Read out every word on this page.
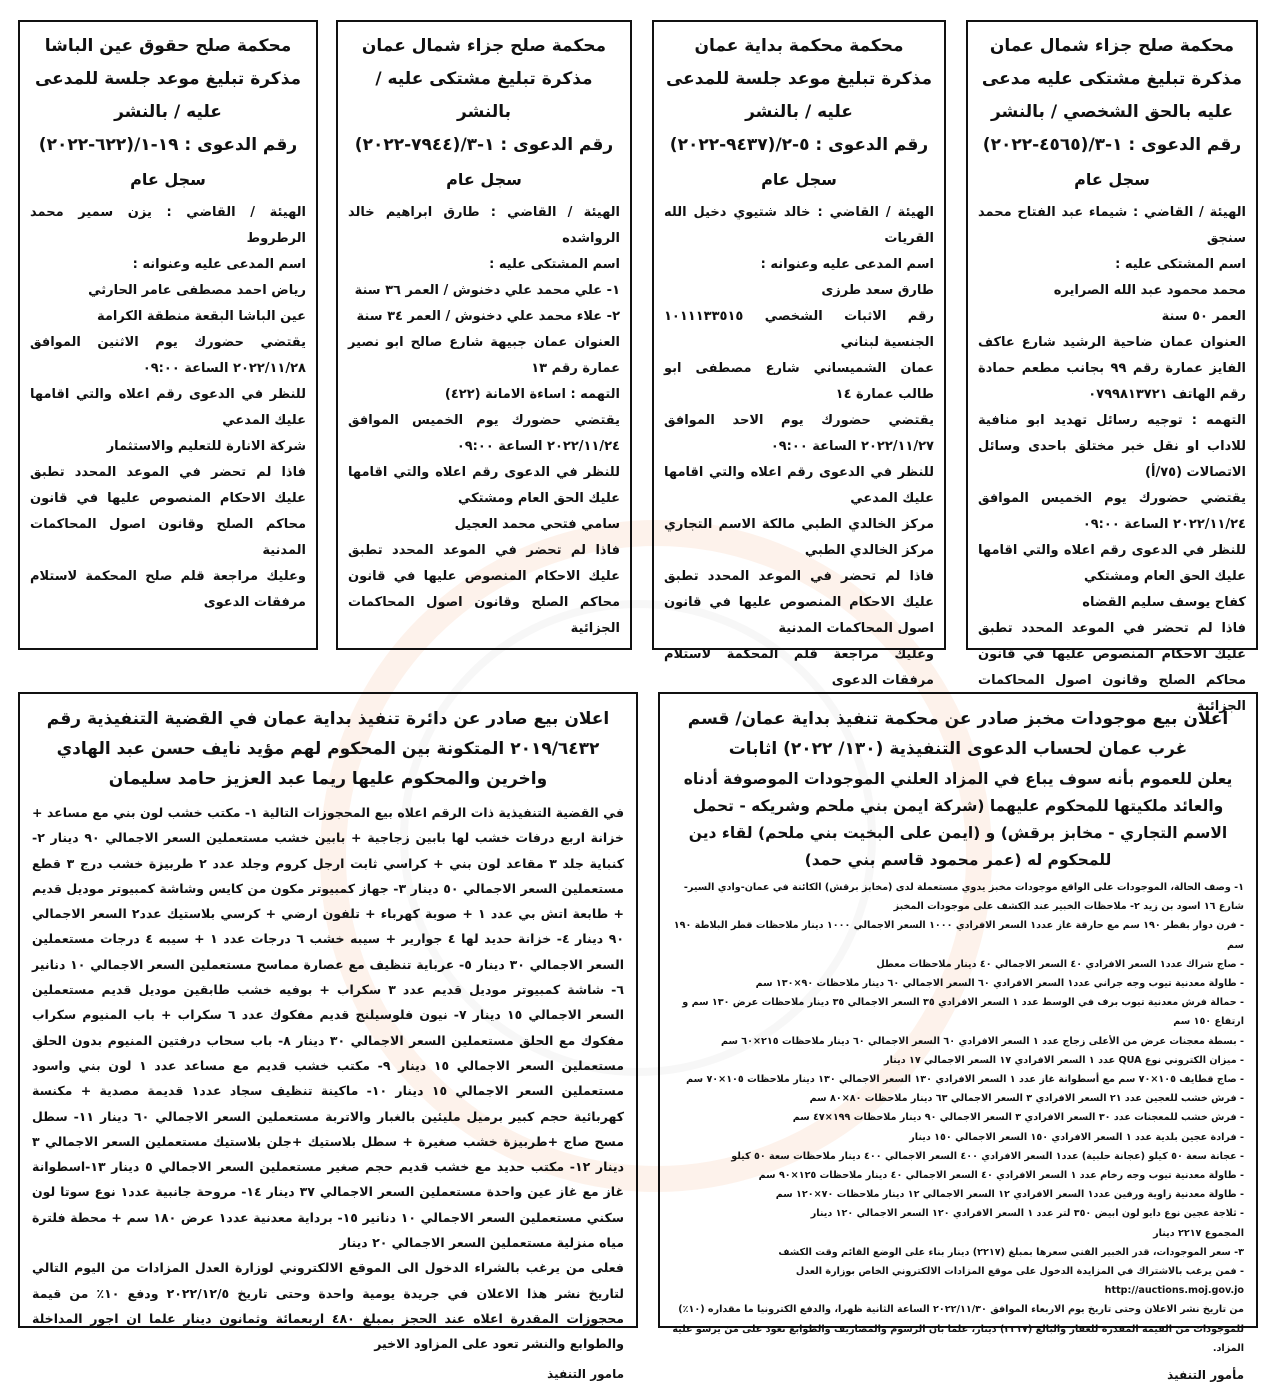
محكمة صلح جزاء شمال عمان
مذكرة تبليغ مشتكى عليه مدعى عليه بالحق الشخصي / بالنشر
رقم الدعوى : ١-٣/(٤٥٦٥-٢٠٢٢)
سجل عام
الهيئة / القاضي : شيماء عبد الفتاح محمد سنجق
اسم المشتكى عليه :
محمد محمود عبد الله الصرايره
العمر ٥٠ سنة
العنوان عمان ضاحية الرشيد شارع عاكف الفايز عمارة رقم ٩٩ بجانب مطعم حمادة رقم الهاتف ٠٧٩٩٨١٣٧٢١
التهمه : توجيه رسائل تهديد ابو منافية للاداب او نقل خبر مختلق باحدى وسائل الاتصالات (٧٥/أ)
يقتضي حضورك يوم الخميس الموافق ٢٠٢٢/١١/٢٤ الساعة ٠٩:٠٠
للنظر في الدعوى رقم اعلاه والتي اقامها عليك الحق العام ومشتكي
كفاح يوسف سليم القضاه
فاذا لم تحضر في الموعد المحدد تطبق عليك الاحكام المنصوص عليها في قانون محاكم الصلح وقانون اصول المحاكمات الجزائية
محكمة محكمة بداية عمان
مذكرة تبليغ موعد جلسة للمدعى عليه / بالنشر
رقم الدعوى : ٥-٢/(٩٤٣٧-٢٠٢٢)
سجل عام
الهيئة / القاضي : خالد شتيوي دخيل الله القريات
اسم المدعى عليه وعنوانه :
طارق سعد طرزى
رقم الاثبات الشخصي ١٠١١١٣٣٥١٥ الجنسية لبناني
عمان الشميساني شارع مصطفى ابو طالب عمارة ١٤
يقتضي حضورك يوم الاحد الموافق ٢٠٢٢/١١/٢٧ الساعة ٠٩:٠٠
للنظر في الدعوى رقم اعلاه والتي اقامها عليك المدعي
مركز الخالدي الطبي مالكة الاسم التجاري مركز الخالدي الطبي
فاذا لم تحضر في الموعد المحدد تطبق عليك الاحكام المنصوص عليها في قانون اصول المحاكمات المدنية
وعليك مراجعة قلم المحكمة لاستلام مرفقات الدعوى
محكمة صلح جزاء شمال عمان
مذكرة تبليغ مشتكى عليه / بالنشر
رقم الدعوى : ١-٣/(٧٩٤٤-٢٠٢٢)
سجل عام
الهيئة / القاضي : طارق ابراهيم خالد الرواشده
اسم المشتكى عليه :
١- علي محمد علي دخنوش / العمر ٣٦ سنة
٢- علاء محمد علي دخنوش / العمر ٣٤ سنة
العنوان عمان جبيهة شارع صالح ابو نصير عمارة رقم ١٣
التهمه : اساءة الامانة (٤٢٢)
يقتضي حضورك يوم الخميس الموافق ٢٠٢٢/١١/٢٤ الساعة ٠٩:٠٠
للنظر في الدعوى رقم اعلاه والتي اقامها عليك الحق العام ومشتكي
سامي فتحي محمد العجيل
فاذا لم تحضر في الموعد المحدد تطبق عليك الاحكام المنصوص عليها في قانون محاكم الصلح وقانون اصول المحاكمات الجزائية
محكمة صلح حقوق عين الباشا
مذكرة تبليغ موعد جلسة للمدعى عليه / بالنشر
رقم الدعوى : ١٩-١/(٦٢٢-٢٠٢٢)
سجل عام
الهيئة / القاضي : يزن سمير محمد الرطروط
اسم المدعى عليه وعنوانه :
رياض احمد مصطفى عامر الحارثي
عين الباشا البقعة منطقة الكرامة
يقتضي حضورك يوم الاثنين الموافق ٢٠٢٢/١١/٢٨ الساعة ٠٩:٠٠
للنظر في الدعوى رقم اعلاه والتي اقامها عليك المدعي
شركة الانارة للتعليم والاستثمار
فاذا لم تحضر في الموعد المحدد تطبق عليك الاحكام المنصوص عليها في قانون محاكم الصلح وقانون اصول المحاكمات المدنية
وعليك مراجعة قلم صلح المحكمة لاستلام مرفقات الدعوى
اعلان بيع موجودات مخبز صادر عن محكمة تنفيذ بداية عمان/ قسم غرب عمان لحساب الدعوى التنفيذية (١٣٠/ ٢٠٢٢) اثابات
يعلن للعموم بأنه سوف يباع في المزاد العلني الموجودات الموصوفة أدناه والعائد ملكيتها للمحكوم عليهما (شركة ايمن بني ملحم وشريكه - تحمل الاسم التجاري - مخابز برقش) و (ايمن على البخيت بني ملحم) لقاء دين للمحكوم له (عمر محمود قاسم بني حمد)
١- وصف الحالة، الموجودات على الواقع موجودات مخبز يدوي مستعملة لدى (مخابز برقش) الكائنة في عمان-وادي السير-شارع ١٦ اسود بن زيد ٢- ملاحظات الخبير عند الكشف على موجودات المخبز
- فرن دوار بقطر ١٩٠ سم مع حارقة غاز عدد١ السعر الافرادي ١٠٠٠ السعر الاجمالي ١٠٠٠ دينار ملاحظات قطر البلاطة ١٩٠ سم
- صاج شراك عدد١ السعر الافرادي ٤٠ السعر الاجمالي ٤٠ دينار ملاحظات معطل
- طاولة معدنية تيوب وجه جراني عدد١ السعر الافرادي ٦٠ السعر الاجمالي ٦٠ دينار ملاحظات ٩٠×١٣٠ سم
- حمالة فرش معدنية تيوب برف في الوسط عدد ١ السعر الافرادي ٣٥ السعر الاجمالي ٣٥ دينار ملاحظات عرض ١٣٠ سم و ارتفاع ١٥٠ سم
- بسطة معجنات عرض من الأعلى زجاج عدد ١ السعر الافرادي ٦٠ السعر الاجمالي ٦٠ دينار ملاحظات ٢١٥×٦٠ سم
- ميزان الكتروني نوع QUA عدد ١ السعر الافرادي ١٧ السعر الاجمالي ١٧ دينار
- صاج قطايف ١٠٥×٧٠ سم مع أسطوانة غاز عدد ١ السعر الافرادي ١٣٠ السعر الاجمالي ١٣٠ دينار ملاحظات ١٠٥×٧٠ سم
- فرش خشب للعجين عدد ٢١ السعر الافرادي ٣ السعر الاجمالي ٦٣ دينار ملاحظات ٨٠×٨٠ سم
- فرش خشب للمعجنات عدد ٣٠ السعر الافرادي ٣ السعر الاجمالي ٩٠ دينار ملاحظات ١٩٩×٤٧ سم
- فرادة عجين بلدية عدد ١ السعر الافرادي ١٥٠ السعر الاجمالي ١٥٠ دينار
- عجانة سعة ٥٠ كيلو (عجانة حلبية) عدد١ السعر الافرادي ٤٠٠ السعر الاجمالي ٤٠٠ دينار ملاحظات سعة ٥٠ كيلو
- طاولة معدنية تيوب وجه رخام عدد ١ السعر الافرادي ٤٠ السعر الاجمالي ٤٠ دينار ملاحظات ١٢٥×٩٠ سم
- طاولة معدنية زاوية ورفين عدد١ السعر الافرادي ١٢ السعر الاجمالي ١٢ دينار ملاحظات ٧٠×١٢٠ سم
- ثلاجة عجين نوع دايو لون ابيض ٣٥٠ لتر عدد ١ السعر الافرادي ١٢٠ السعر الاجمالي ١٢٠ دينار
المجموع ٢٢١٧ دينار
٣- سعر الموجودات، قدر الخبير الفني سعرها بمبلغ (٢٢١٧) دينار بناء على الوضع القائم وقت الكشف
- فمن يرغب بالاشتراك في المزايدة الدخول على موقع المزادات الالكتروني الخاص بوزارة العدل http://auctions.moj.gov.jo
من تاريخ نشر الاعلان وحتى تاريخ يوم الاربعاء الموافق ٢٠٢٢/١١/٣٠ الساعة الثانية ظهرا، والدفع الكترونيا ما مقداره (١٠٪) للموجودات من القيمة المقدرة للعقار والبالغ (٢٢١٧) دينار، علما بان الرسوم والمصاريف والطوابع تعود على من يرسو عليه المزاد.
مأمور التنفيذ
اعلان بيع صادر عن دائرة تنفيذ بداية عمان في القضية التنفيذية رقم ٢٠١٩/٦٤٣٢ المتكونة بين المحكوم لهم مؤيد نايف حسن عبد الهادي واخرين والمحكوم عليها ريما عبد العزيز حامد سليمان
في القضية التنفيذية ذات الرقم اعلاه بيع المحجوزات التالية ١- مكتب خشب لون بني مع مساعد + خزانة اربع درفات خشب لها بابين زجاجية + بابين خشب مستعملين السعر الاجمالي ٩٠ دينار ٢- كنباية جلد ٣ مقاعد لون بني + كراسي ثابت ارجل كروم وجلد عدد ٢ طربيزة خشب درج ٣ قطع مستعملين السعر الاجمالي ٥٠ دينار ٣- جهاز كمبيوتر مكون من كايس وشاشة كمبيوتر موديل قديم + طابعة اتش بي عدد ١ + صوبة كهرباء + تلفون ارضي + كرسي بلاستيك عدد٢ السعر الاجمالي ٩٠ دينار ٤- خزانة حديد لها ٤ جوارير + سيبه خشب ٦ درجات عدد ١ + سيبه ٤ درجات مستعملين السعر الاجمالي ٣٠ دينار ٥- عرباية تنظيف مع عصارة مماسح مستعملين السعر الاجمالي ١٠ دنانير ٦- شاشة كمبيوتر موديل قديم عدد ٣ سكراب + بوفيه خشب طابقين موديل قديم مستعملين السعر الاجمالي ١٥ دينار ٧- نيون فلوسيلنج قديم مفكوك عدد ٦ سكراب + باب المنيوم سكراب مفكوك مع الحلق مستعملين السعر الاجمالي ٣٠ دينار ٨- باب سحاب درفتين المنيوم بدون الحلق مستعملين السعر الاجمالي ١٥ دينار ٩- مكتب خشب قديم مع مساعد عدد ١ لون بني واسود مستعملين السعر الاجمالي ١٥ دينار ١٠- ماكينة تنظيف سجاد عدد١ قديمة مصدية + مكنسة كهربائية حجم كبير برميل مليئين بالغبار والاتربة مستعملين السعر الاجمالي ٦٠ دينار ١١- سطل مسح صاج +طربيزة خشب صغيرة + سطل بلاستيك +جلن بلاستيك مستعملين السعر الاجمالي ٣ دينار ١٢- مكتب حديد مع خشب قديم حجم صغير مستعملين السعر الاجمالي ٥ دينار ١٣-اسطوانة غاز مع غاز عين واحدة مستعملين السعر الاجمالي ٣٧ دينار ١٤- مروحة جانبية عدد١ نوع سوتا لون سكني مستعملين السعر الاجمالي ١٠ دنانير ١٥- برداية معدنية عدد١ عرض ١٨٠ سم + محطة فلترة مياه منزلية مستعملين السعر الاجمالي ٢٠ دينار
فعلى من يرغب بالشراء الدخول الى الموقع الالكتروني لوزارة العدل المزادات من اليوم التالي لتاريخ نشر هذا الاعلان في جريدة يومية واحدة وحتى تاريخ ٢٠٢٢/١٢/٥ ودفع ١٠٪ من قيمة محجوزات المقدرة اعلاه عند الحجز بمبلغ ٤٨٠ اربعمائة وثمانون دينار علما ان اجور المداخلة والطوابع والنشر تعود على المزاود الاخير
مامور التنفيذ
